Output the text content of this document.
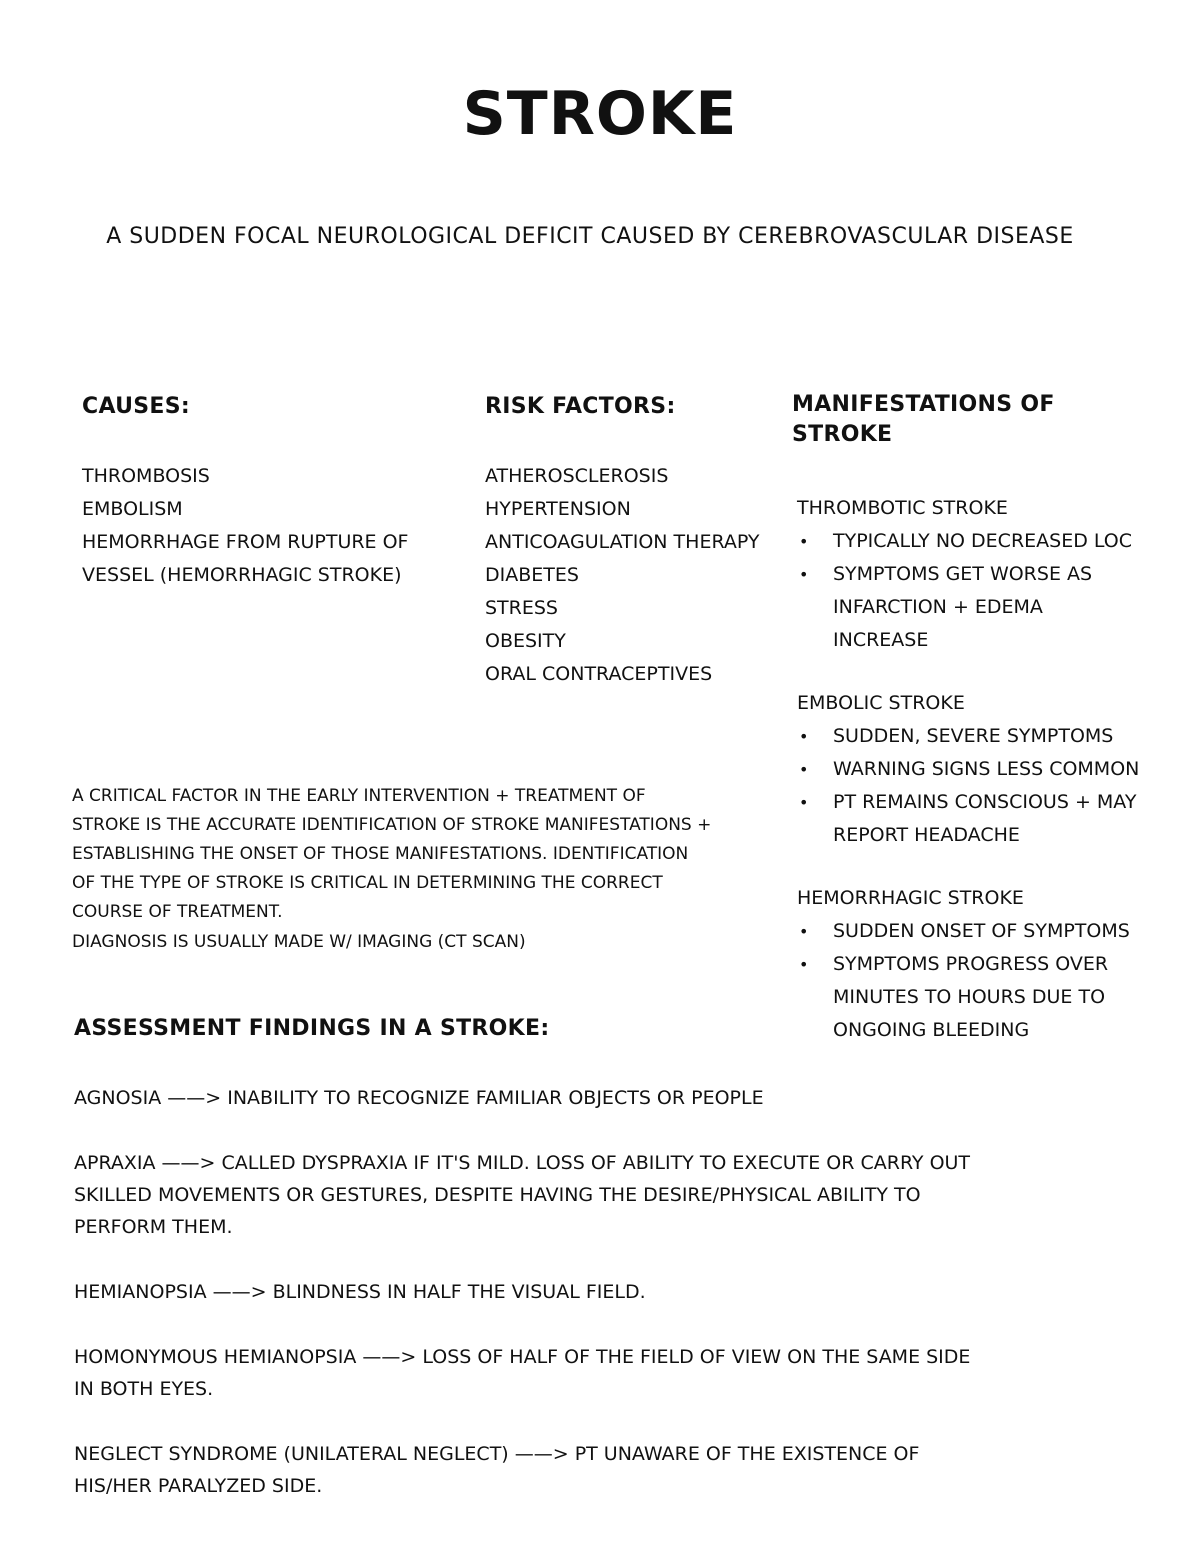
STROKE
A SUDDEN FOCAL NEUROLOGICAL DEFICIT CAUSED BY CEREBROVASCULAR DISEASE
CAUSES:
THROMBOSIS
EMBOLISM
HEMORRHAGE FROM RUPTURE OF
VESSEL (HEMORRHAGIC STROKE)
RISK FACTORS:
ATHEROSCLEROSIS
HYPERTENSION
ANTICOAGULATION THERAPY
DIABETES
STRESS
OBESITY
ORAL CONTRACEPTIVES
MANIFESTATIONS OF STROKE
THROMBOTIC STROKE
• TYPICALLY NO DECREASED LOC
• SYMPTOMS GET WORSE AS INFARCTION + EDEMA INCREASE
EMBOLIC STROKE
• SUDDEN, SEVERE SYMPTOMS
• WARNING SIGNS LESS COMMON
• PT REMAINS CONSCIOUS + MAY REPORT HEADACHE
HEMORRHAGIC STROKE
• SUDDEN ONSET OF SYMPTOMS
• SYMPTOMS PROGRESS OVER MINUTES TO HOURS DUE TO ONGOING BLEEDING

A CRITICAL FACTOR IN THE EARLY INTERVENTION + TREATMENT OF STROKE IS THE ACCURATE IDENTIFICATION OF STROKE MANIFESTATIONS + ESTABLISHING THE ONSET OF THOSE MANIFESTATIONS. IDENTIFICATION OF THE TYPE OF STROKE IS CRITICAL IN DETERMINING THE CORRECT COURSE OF TREATMENT.

DIAGNOSIS IS USUALLY MADE W/ IMAGING (CT SCAN)

ASSESSMENT FINDINGS IN A STROKE:

AGNOSIA ——> INABILITY TO RECOGNIZE FAMILIAR OBJECTS OR PEOPLE

APRAXIA ——> CALLED DYSPRAXIA IF IT'S MILD. LOSS OF ABILITY TO EXECUTE OR CARRY OUT SKILLED MOVEMENTS OR GESTURES, DESPITE HAVING THE DESIRE/PHYSICAL ABILITY TO PERFORM THEM.

HEMIANOPSIA ——> BLINDNESS IN HALF THE VISUAL FIELD.

HOMONYMOUS HEMIANOPSIA ——> LOSS OF HALF OF THE FIELD OF VIEW ON THE SAME SIDE IN BOTH EYES.

NEGLECT SYNDROME (UNILATERAL NEGLECT) ——> PT UNAWARE OF THE EXISTENCE OF HIS/HER PARALYZED SIDE.
